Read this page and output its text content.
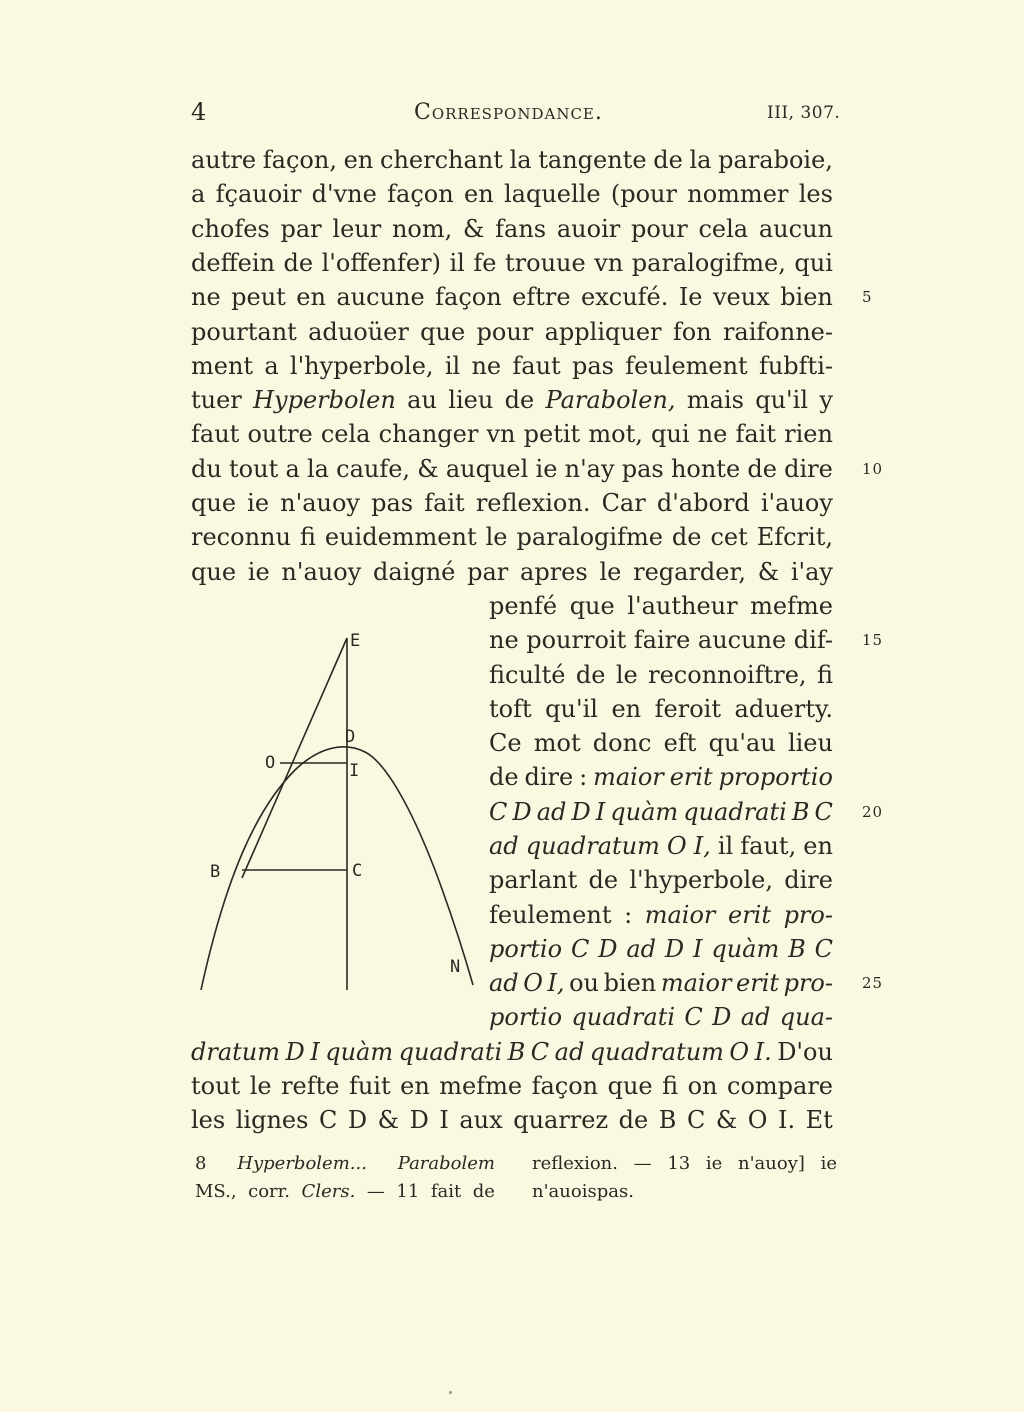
4	Correspondance.	III, 307.
autre façon, en cherchant la tangente de la paraboie,
a fçauoir d'vne façon en laquelle (pour nommer les
chofes par leur nom, & fans auoir pour cela aucun
deffein de l'offenfer) il fe trouue vn paralogifme, qui
ne peut en aucune façon eftre excufé. Ie veux bien
pourtant aduoüer que pour appliquer fon raifonne-
ment a l'hyperbole, il ne faut pas feulement fubfti-
tuer Hyperbolen au lieu de Parabolen, mais qu'il y
faut outre cela changer vn petit mot, qui ne fait rien
du tout a la caufe, & auquel ie n'ay pas honte de dire
que ie n'auoy pas fait reflexion. Car d'abord i'auoy
reconnu fi euidemment le paralogifme de cet Efcrit,
que ie n'auoy daigné par apres le regarder, & i'ay
penfé que l'autheur mefme
ne pourroit faire aucune dif-
ficulté de le reconnoiftre, fi
toft qu'il en feroit aduerty.
Ce mot donc eft qu'au lieu
de dire : maior erit proportio
C D ad D I quàm quadrati B C
ad quadratum O I, il faut, en
parlant de l'hyperbole, dire
feulement : maior erit pro-
portio C D ad D I quàm B C
ad O I, ou bien maior erit pro-
portio quadrati C D ad qua-
dratum D I quàm quadrati B C ad quadratum O I. D'ou
tout le refte fuit en mefme façon que fi on compare
les lignes C D & D I aux quarrez de B C & O I. Et
5
10
15
20
25
E
D
O	I
B	C
N
8 Hyperbolem... Parabolem
MS., corr. Clers. — 11 fait de
reflexion. — 13 ie n'auoy] ie
n'auois pas.
